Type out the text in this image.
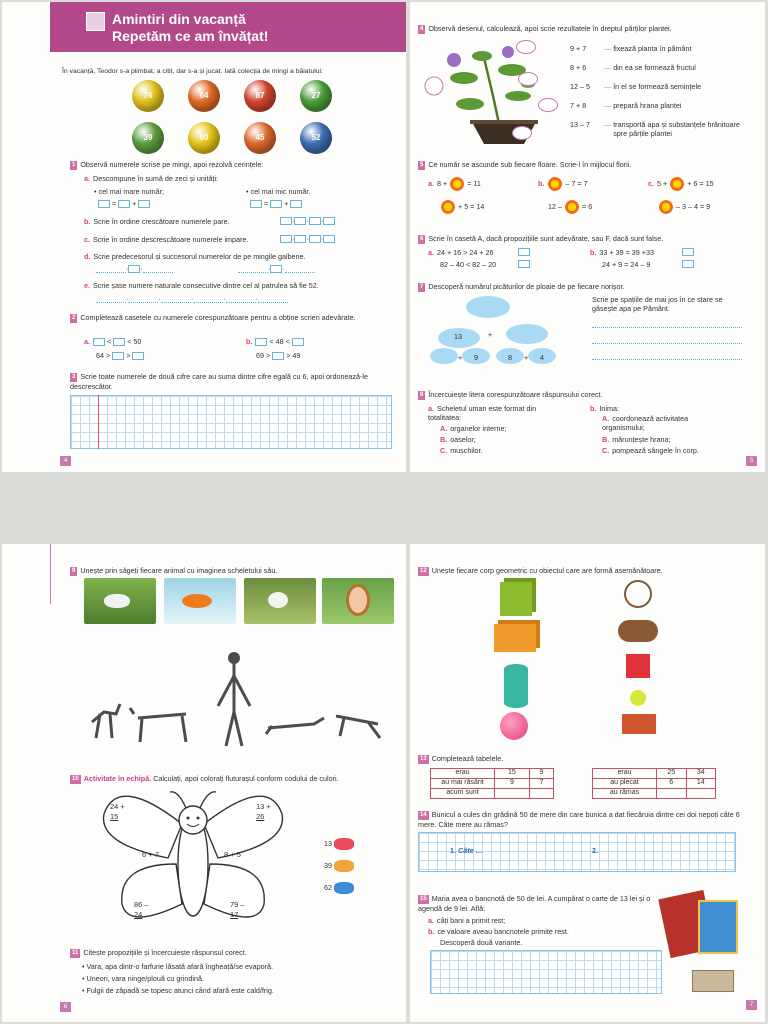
Amintiri din vacanță
Repetăm ce am învățat!
În vacanță, Teodor s-a plimbat, a citit, dar s-a și jucat. Iată colecția de mingi a băiatului:
1 Observă numerele scrise pe mingi, apoi rezolvă cerințele:
a. Descompune în sumă de zeci și unități:
• cel mai mare număr;	• cel mai mic număr.
=  +	=  +
b. Scrie în ordine crescătoare numerele pare.	· · ·
c. Scrie în ordine descrescătoare numerele impare.	· · ·
d. Scrie predecesorul și succesorul numerelor de pe mingile galbene.
· ·	· ·
e. Scrie șase numere naturale consecutive dintre cel al patrulea să fie 52.
·	·	·	·	·
2 Completează casetele cu numerele corespunzătoare pentru a obține scrieri adevărate.
a. <  < 50
64 > >
b. < 48 <
69 > > 49
3 Scrie toate numerele de două cifre care au suma dintre cifre egală cu 6, apoi ordonează-le descrescător.
4
76	64	87	27
39	60	45	52
4 Observă desenul, calculează, apoi scrie rezultatele în dreptul părților plantei.
5 Ce număr se ascunde sub fiecare floare. Scrie-l în mijlocul florii.
a. 8 +	= 11
+ 5 = 14
b.	– 7 = 7
12 –	= 6
c. 5 +	+ 6 = 15
– 3 – 4 = 9
6 Scrie în casetă A, dacă propozițiile sunt adevărate, sau F, dacă sunt false.
a. 24 + 16 > 24 + 26
82 – 40 < 82 – 20
b. 33 + 39 = 39 +33
24 + 9 = 24 – 9
7 Descoperă numărul picăturilor de ploaie de pe fiecare norișor.
13	+
+ 9	8 + 4
Scrie pe spațiile de mai jos în ce stare se găsește apa pe Pământ.
8 Încercuiește litera corespunzătoare răspunsului corect.
a. Scheletul uman este format din totalitatea:
A. organelor interne;
B. oaselor;
C. mușchilor.
b. Inima:
A. coordonează activitatea organismului;
B. mărunțește hrana;
C. pompează sângele în corp.
5
9 + 7 — fixează planta în pământ
8 + 6 — din ea se formează fructul
12 – 5 — în el se formează semințele
7 + 8 — prepară hrana plantei
13 – 7 — transportă apa și substanțele hrănitoare spre părțile plantei
9 Unește prin săgeți fiecare animal cu imaginea scheletului său.
10 Activitate în echipă. Calculați, apoi colorați fluturașul conform codului de culori.
24 +
15
13 +
26
6 + 7	8 + 5
86 –
24
79 –
17
11 Citește propozițiile și încercuiește răspunsul corect.
• Vara, apa dintr-o farfurie lăsată afară îngheață/se evaporă.
• Uneori, vara ninge/plouă cu grindină.
• Fulgii de zăpadă se topesc atunci când afară este cald/frig.
6
13
39
62
12 Unește fiecare corp geometric cu obiectul care are formă asemănătoare.
13 Completează tabelele.
erau	15	9
au mai răsărit	9	7
acum sunt		
erau	25	34
au plecat	6	14
au rămas		
14 Bunicul a cules din grădină 50 de mere din care bunica a dat fiecăruia dintre cei doi nepoți câte 6 mere. Câte mere au rămas?
1. Câte …	2.
15 Maria avea o bancnotă de 50 de lei. A cumpărat o carte de 13 lei și o agendă de 9 lei. Află:
a. câți bani a primit rest;
b. ce valoare aveau bancnotele primite rest.
Descoperă două variante.
7
